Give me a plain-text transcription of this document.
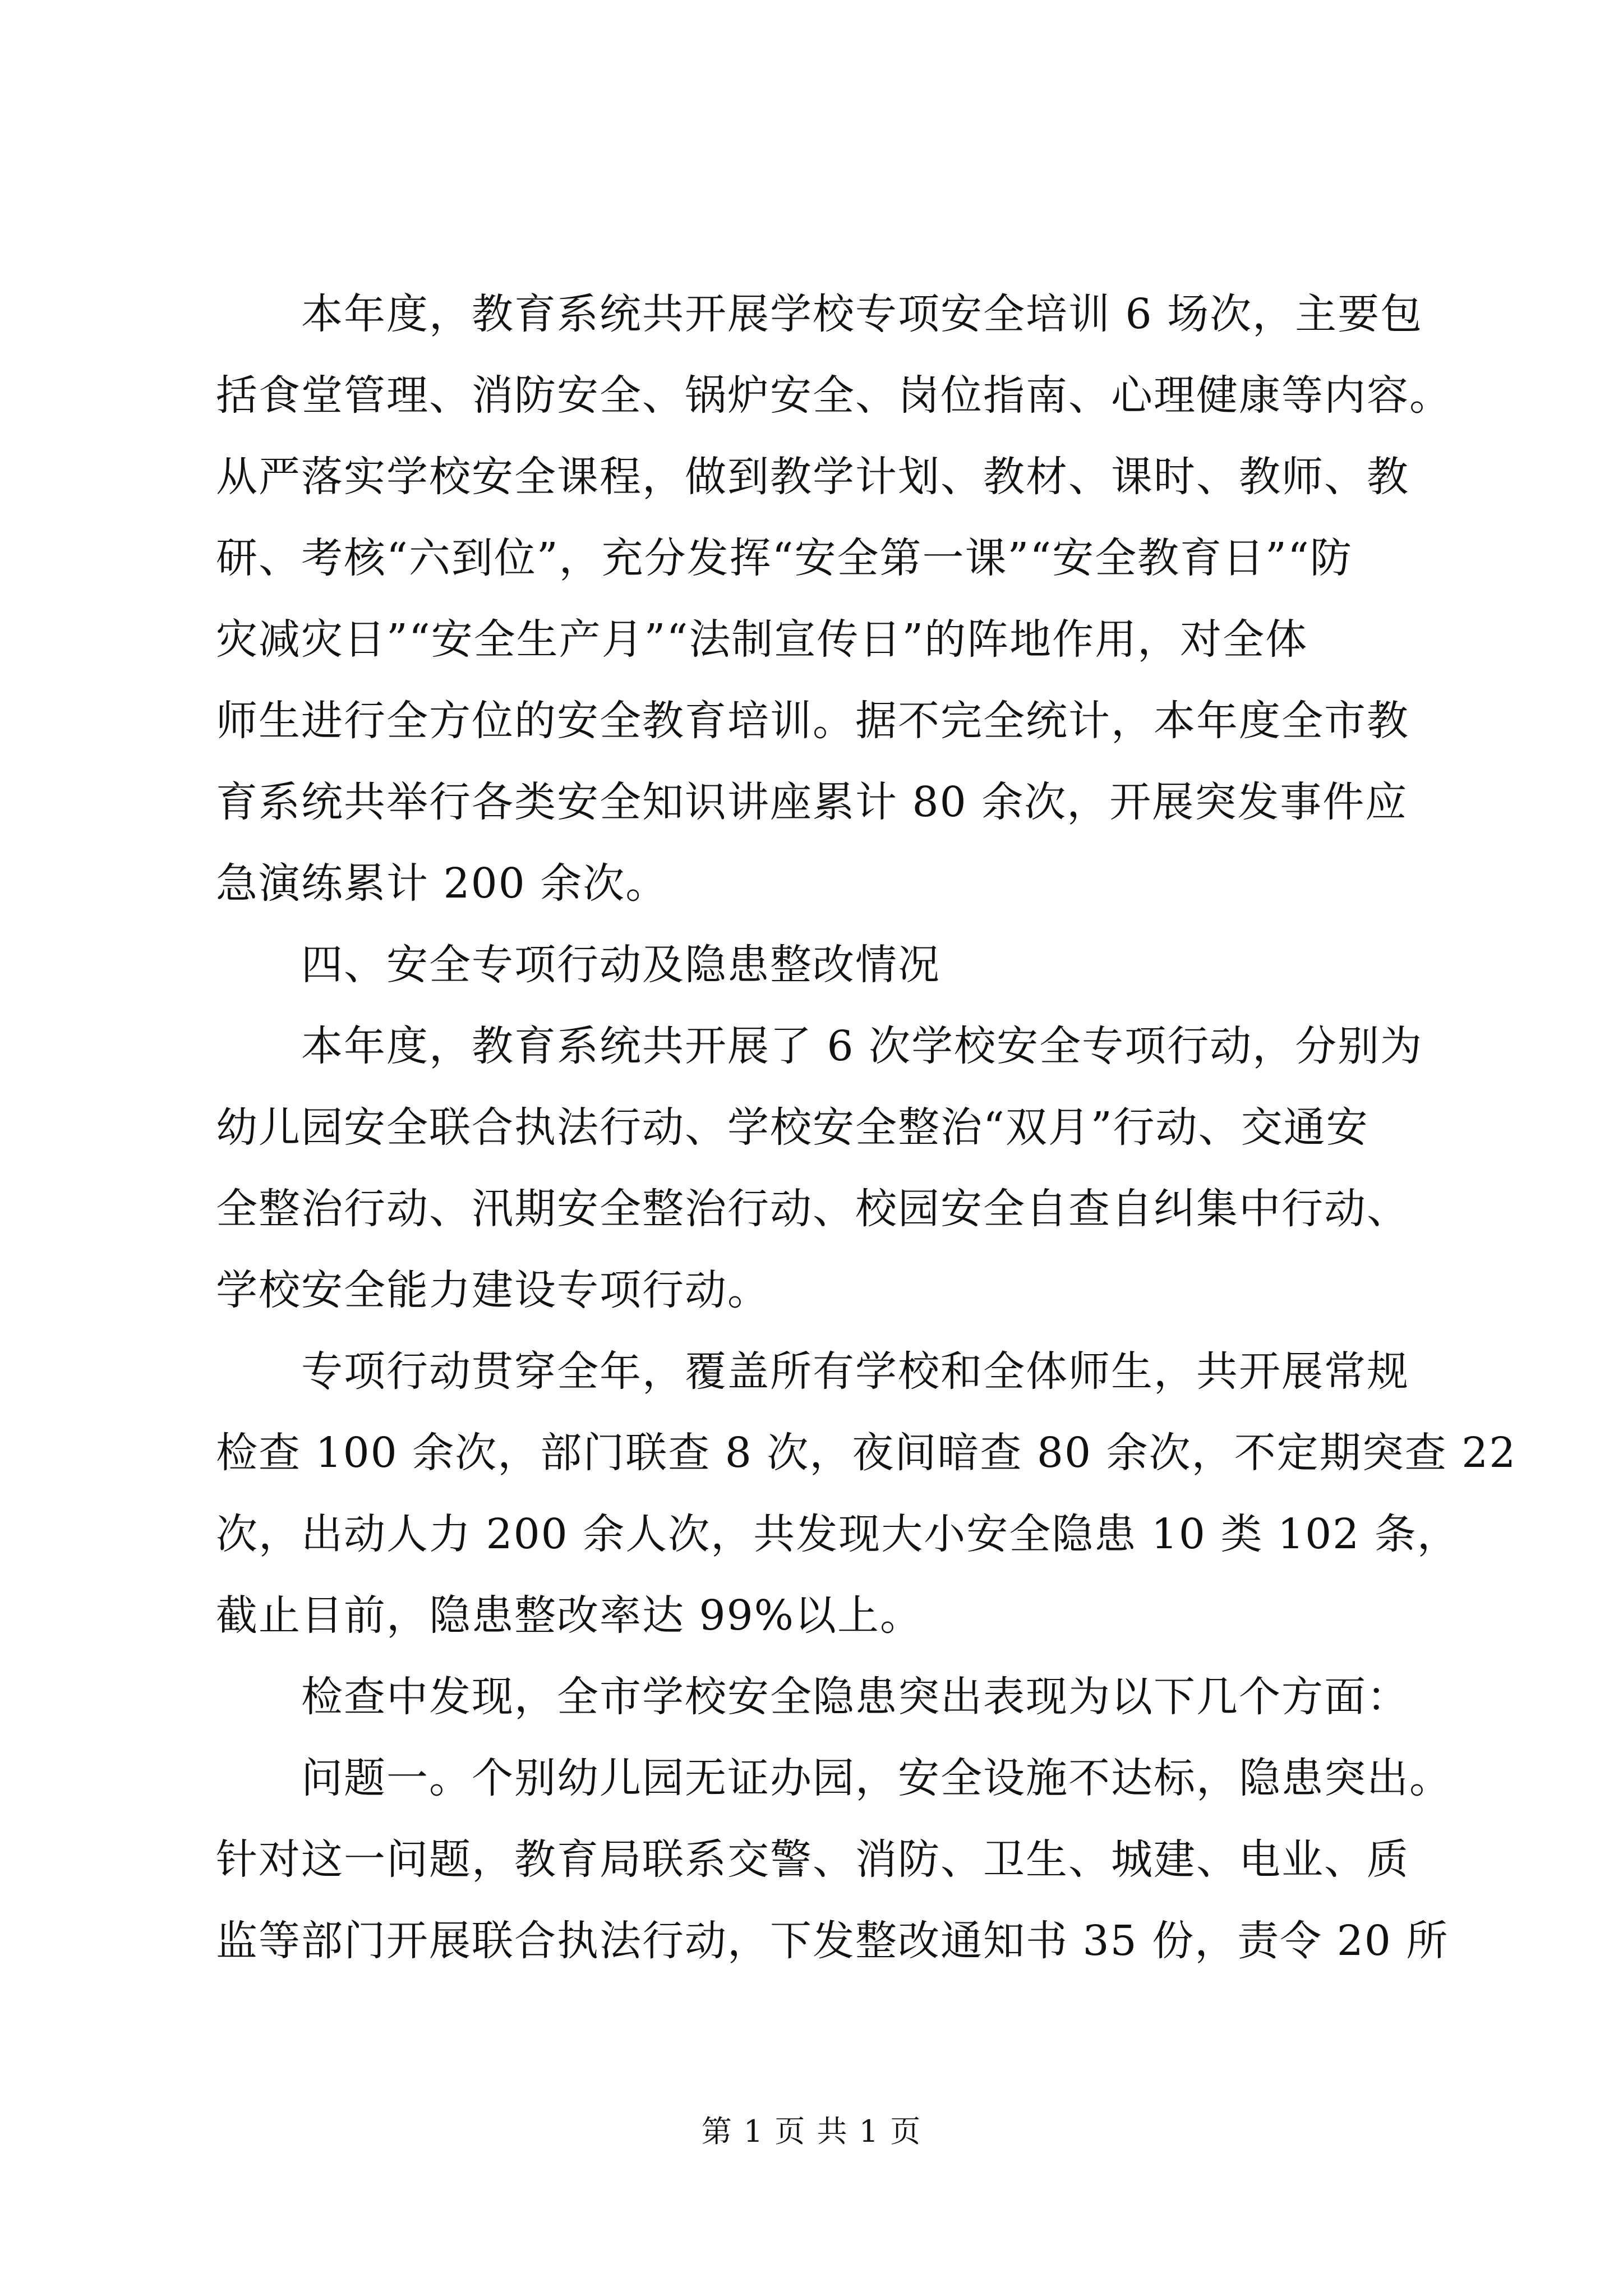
　　本年度，教育系统共开展学校专项安全培训 6 场次，主要包
括食堂管理、消防安全、锅炉安全、岗位指南、心理健康等内容。
从严落实学校安全课程，做到教学计划、教材、课时、教师、教
研、考核“六到位”，充分发挥“安全第一课”“安全教育日”“防
灾减灾日”“安全生产月”“法制宣传日”的阵地作用，对全体
师生进行全方位的安全教育培训。据不完全统计，本年度全市教
育系统共举行各类安全知识讲座累计 80 余次，开展突发事件应
急演练累计 200 余次。
　　四、安全专项行动及隐患整改情况
　　本年度，教育系统共开展了 6 次学校安全专项行动，分别为
幼儿园安全联合执法行动、学校安全整治“双月”行动、交通安
全整治行动、汛期安全整治行动、校园安全自查自纠集中行动、
学校安全能力建设专项行动。
　　专项行动贯穿全年，覆盖所有学校和全体师生，共开展常规
检查 100 余次，部门联查 8 次，夜间暗查 80 余次，不定期突查 22
次，出动人力 200 余人次，共发现大小安全隐患 10 类 102 条，
截止目前，隐患整改率达 99%以上。
　　检查中发现，全市学校安全隐患突出表现为以下几个方面：
　　问题一。个别幼儿园无证办园，安全设施不达标，隐患突出。
针对这一问题，教育局联系交警、消防、卫生、城建、电业、质
监等部门开展联合执法行动，下发整改通知书 35 份，责令 20 所
第 1 页 共 1 页
